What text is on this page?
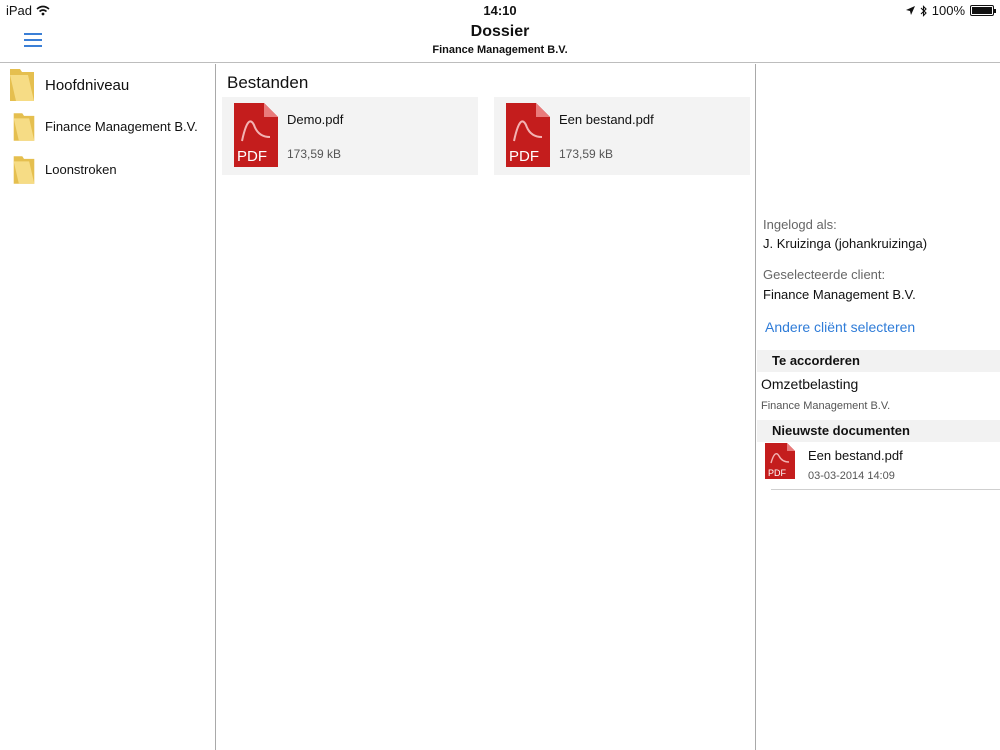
iPad	14:10	100%
Dossier
Finance Management B.V.
Hoofdniveau
Finance Management B.V.
Loonstroken
Bestanden
PDF
Demo.pdf
173,59 kB	PDF
Een bestand.pdf
173,59 kB
Ingelogd als:
J. Kruizinga (johankruizinga)
Geselecteerde client:
Finance Management B.V.
Andere cliënt selecteren
Te accorderen
Omzetbelasting
Finance Management B.V.
Nieuwste documenten
PDF
Een bestand.pdf
03-03-2014 14:09
